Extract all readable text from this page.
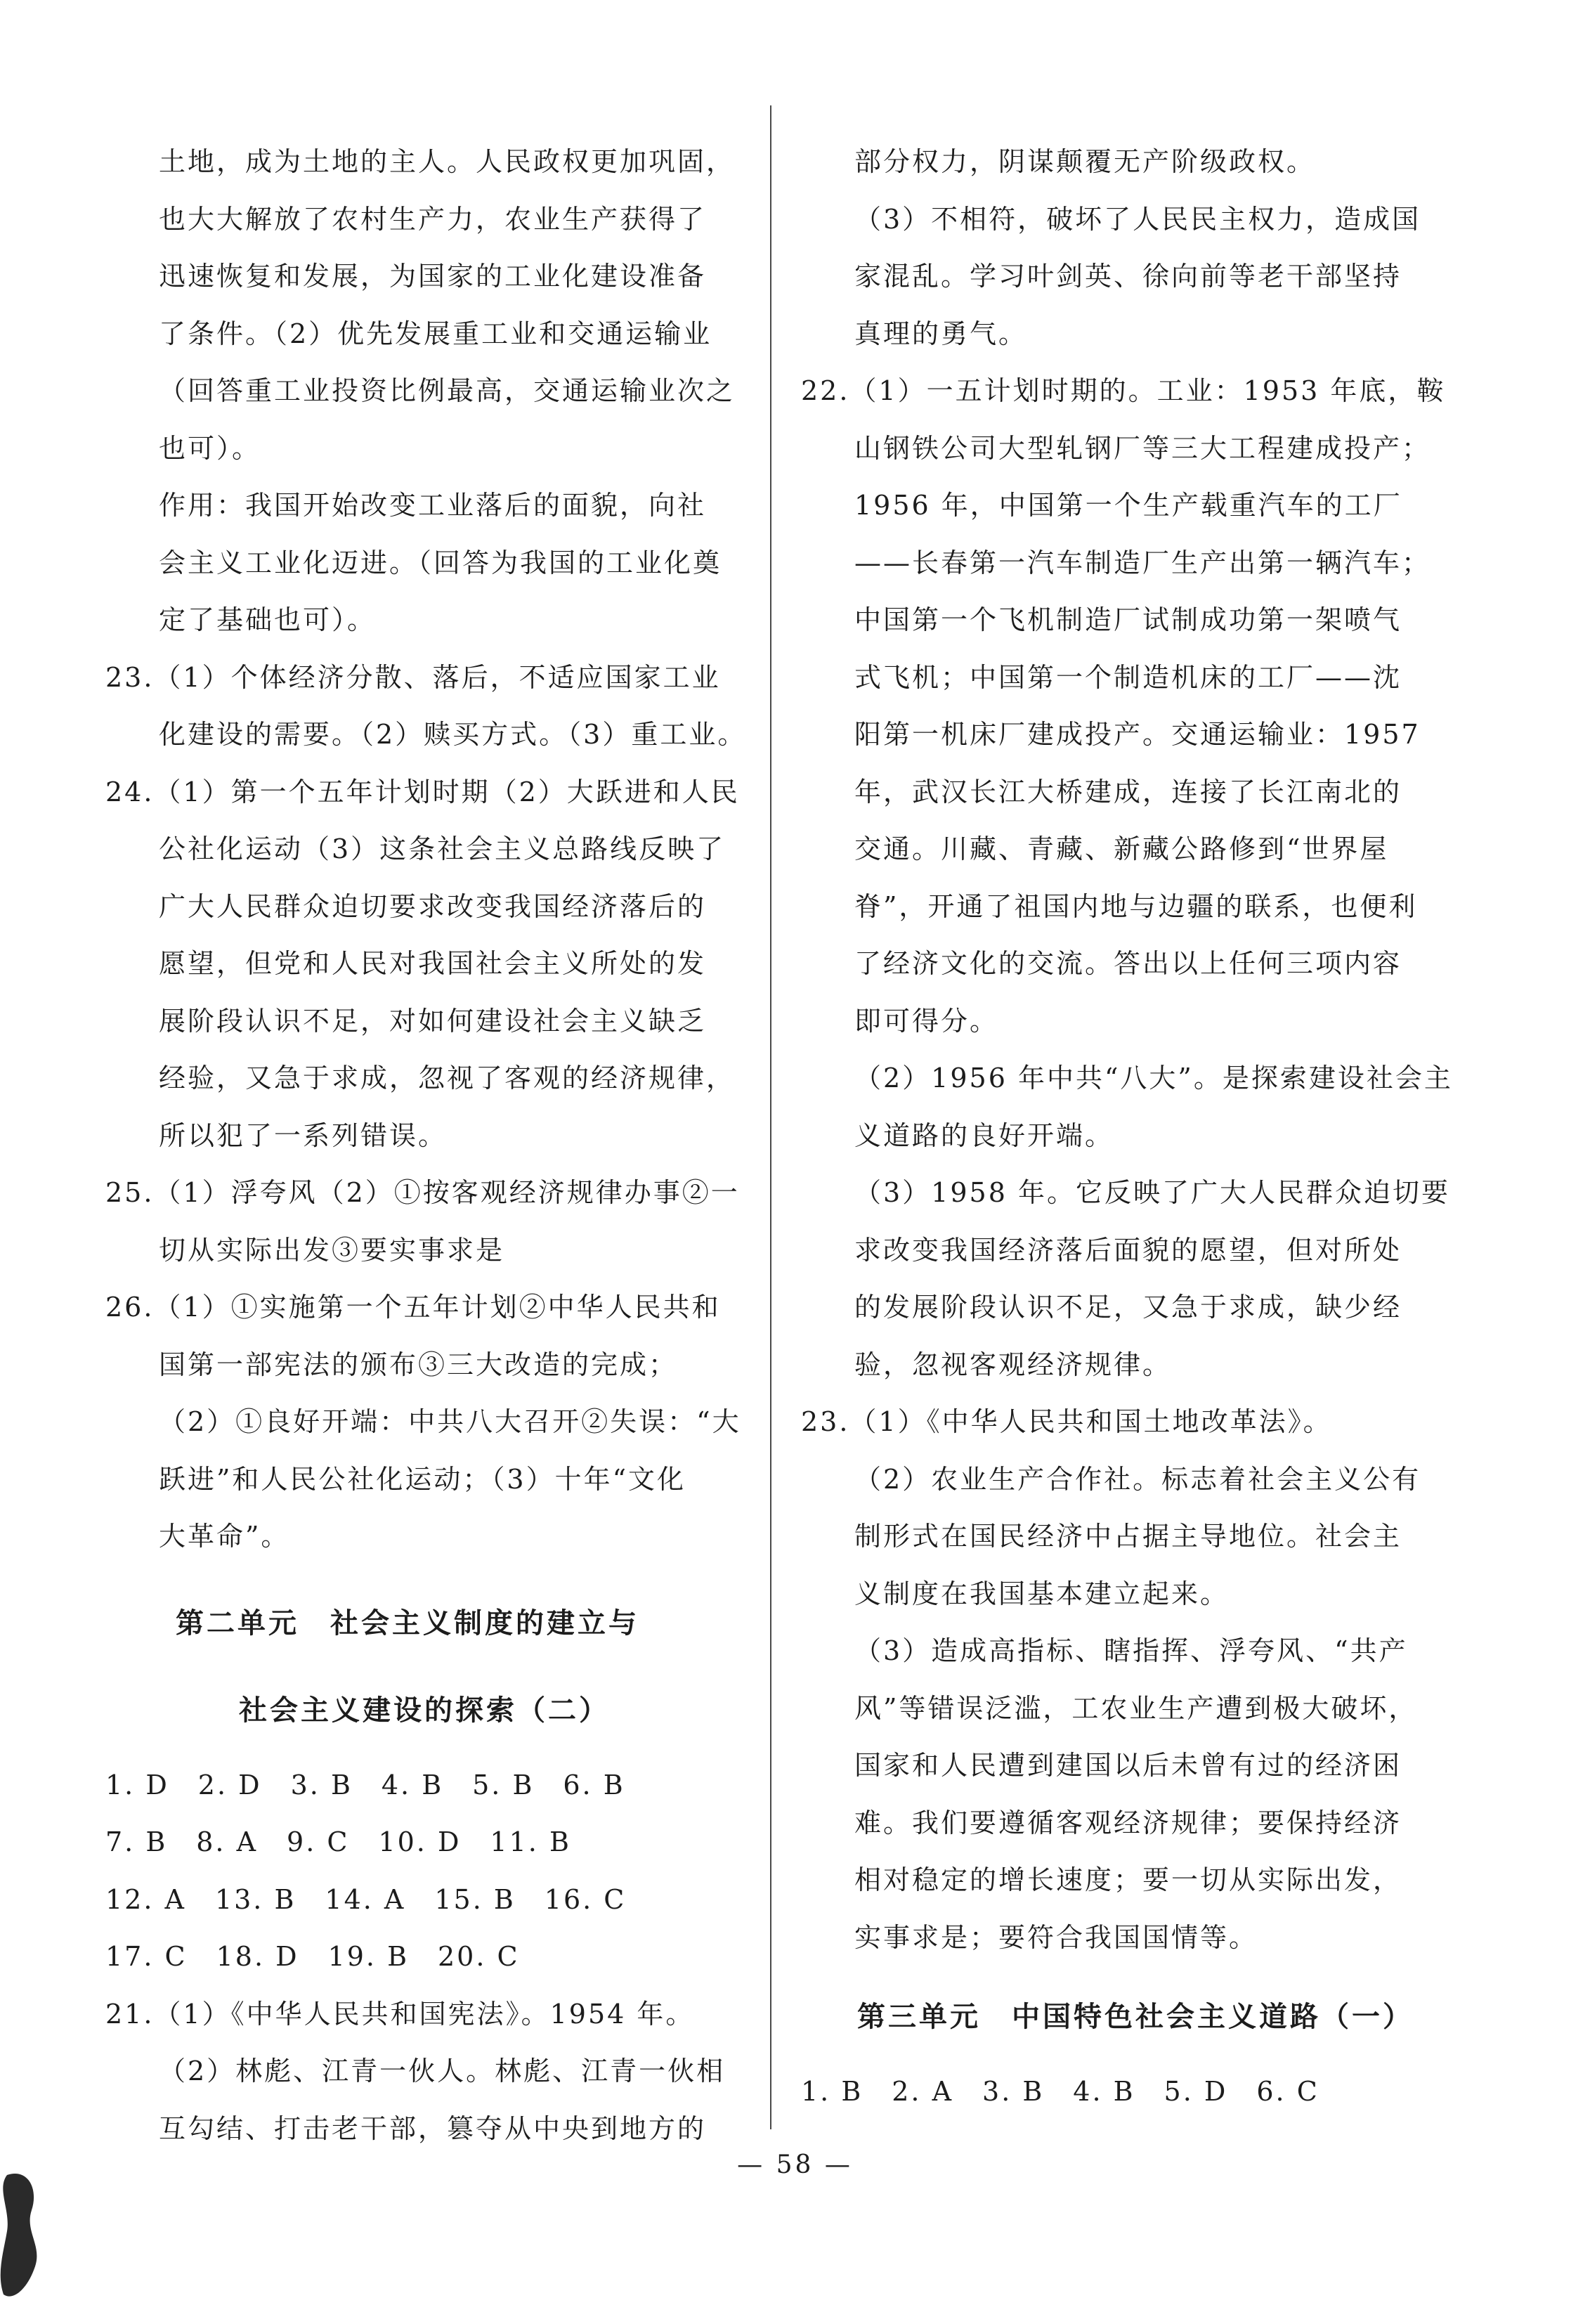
土地，成为土地的主人。人民政权更加巩固，
也大大解放了农村生产力，农业生产获得了
迅速恢复和发展，为国家的工业化建设准备
了条件。（2）优先发展重工业和交通运输业
（回答重工业投资比例最高，交通运输业次之
也可）。
作用：我国开始改变工业落后的面貌，向社
会主义工业化迈进。（回答为我国的工业化奠
定了基础也可）。
23.（1）个体经济分散、落后，不适应国家工业
化建设的需要。（2）赎买方式。（3）重工业。
24.（1）第一个五年计划时期（2）大跃进和人民
公社化运动（3）这条社会主义总路线反映了
广大人民群众迫切要求改变我国经济落后的
愿望，但党和人民对我国社会主义所处的发
展阶段认识不足，对如何建设社会主义缺乏
经验，又急于求成，忽视了客观的经济规律，
所以犯了一系列错误。
25.（1）浮夸风（2）①按客观经济规律办事②一
切从实际出发③要实事求是
26.（1）①实施第一个五年计划②中华人民共和
国第一部宪法的颁布③三大改造的完成；
（2）①良好开端：中共八大召开②失误：“大
跃进”和人民公社化运动；（3）十年“文化
大革命”。
第二单元　社会主义制度的建立与
社会主义建设的探索（二）
1. D　2. D　3. B　4. B　5. B　6. B
7. B　8. A　9. C　10. D　11. B
12. A　13. B　14. A　15. B　16. C
17. C　18. D　19. B　20. C
21.（1）《中华人民共和国宪法》。1954 年。
（2）林彪、江青一伙人。林彪、江青一伙相
互勾结、打击老干部，篡夺从中央到地方的
部分权力，阴谋颠覆无产阶级政权。
（3）不相符，破坏了人民民主权力，造成国
家混乱。学习叶剑英、徐向前等老干部坚持
真理的勇气。
22.（1）一五计划时期的。工业：1953 年底，鞍
山钢铁公司大型轧钢厂等三大工程建成投产；
1956 年，中国第一个生产载重汽车的工厂
——长春第一汽车制造厂生产出第一辆汽车；
中国第一个飞机制造厂试制成功第一架喷气
式飞机；中国第一个制造机床的工厂——沈
阳第一机床厂建成投产。交通运输业：1957
年，武汉长江大桥建成，连接了长江南北的
交通。川藏、青藏、新藏公路修到“世界屋
脊”，开通了祖国内地与边疆的联系，也便利
了经济文化的交流。答出以上任何三项内容
即可得分。
（2）1956 年中共“八大”。是探索建设社会主
义道路的良好开端。
（3）1958 年。它反映了广大人民群众迫切要
求改变我国经济落后面貌的愿望，但对所处
的发展阶段认识不足，又急于求成，缺少经
验，忽视客观经济规律。
23.（1）《中华人民共和国土地改革法》。
（2）农业生产合作社。标志着社会主义公有
制形式在国民经济中占据主导地位。社会主
义制度在我国基本建立起来。
（3）造成高指标、瞎指挥、浮夸风、“共产
风”等错误泛滥，工农业生产遭到极大破坏，
国家和人民遭到建国以后未曾有过的经济困
难。我们要遵循客观经济规律；要保持经济
相对稳定的增长速度；要一切从实际出发，
实事求是；要符合我国国情等。
第三单元　中国特色社会主义道路（一）
1. B　2. A　3. B　4. B　5. D　6. C
— 58 —
